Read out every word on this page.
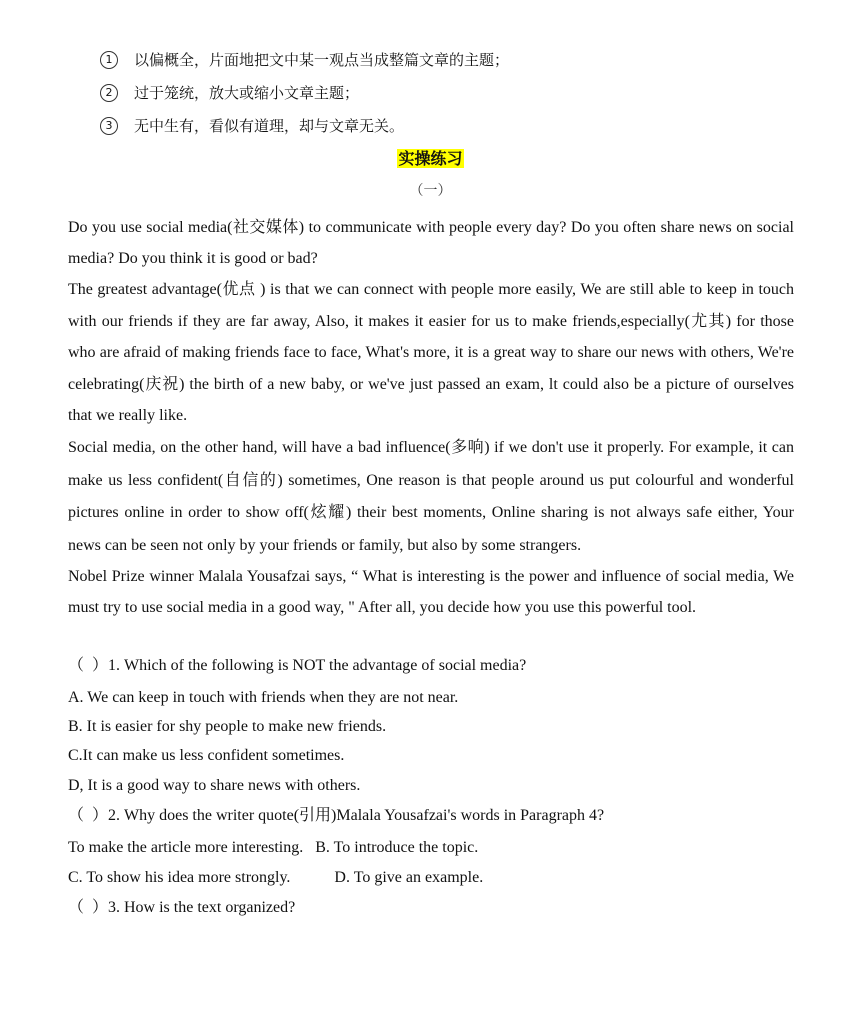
1	以偏概全，片面地把文中某一观点当成整篇文章的主题；
2	过于笼统，放大或缩小文章主题；
3	无中生有，看似有道理，却与文章无关。
实操练习
（一）
Do you use social media(社交媒体) to communicate with people every day? Do you often share news on social media? Do you think it is good or bad?
The greatest advantage(优点 ) is that we can connect with people more easily, We are still able to keep in touch with our friends if they are far away, Also, it makes it easier for us to make friends,especially(尤其) for those who are afraid of making friends face to face, What's more, it is a great way to share our news with others, We're celebrating(庆祝) the birth of a new baby, or we've just passed an exam, lt could also be a picture of ourselves that we really like.
Social media, on the other hand, will have a bad influence(多响) if we don't use it properly. For example, it can make us less confident(自信的) sometimes, One reason is that people around us put colourful and wonderful pictures online in order to show off(炫耀) their best moments, Online sharing is not always safe either, Your news can be seen not only by your friends or family, but also by some strangers.
Nobel Prize winner Malala Yousafzai says, “ What is interesting is the power and influence of social media, We must try to use social media in a good way, " After all, you decide how you use this powerful tool.
（  ）1. Which of the following is NOT the advantage of social media?
A. We can keep in touch with friends when they are not near.
B. It is easier for shy people to make new friends.
C.It can make us less confident sometimes.
D, It is a good way to share news with others.
（  ）2. Why does the writer quote(引用)Malala Yousafzai's words in Paragraph 4?
To make the article more interesting.   B. To introduce the topic.
C. To show his idea more strongly.           D. To give an example.
（  ）3. How is the text organized?
